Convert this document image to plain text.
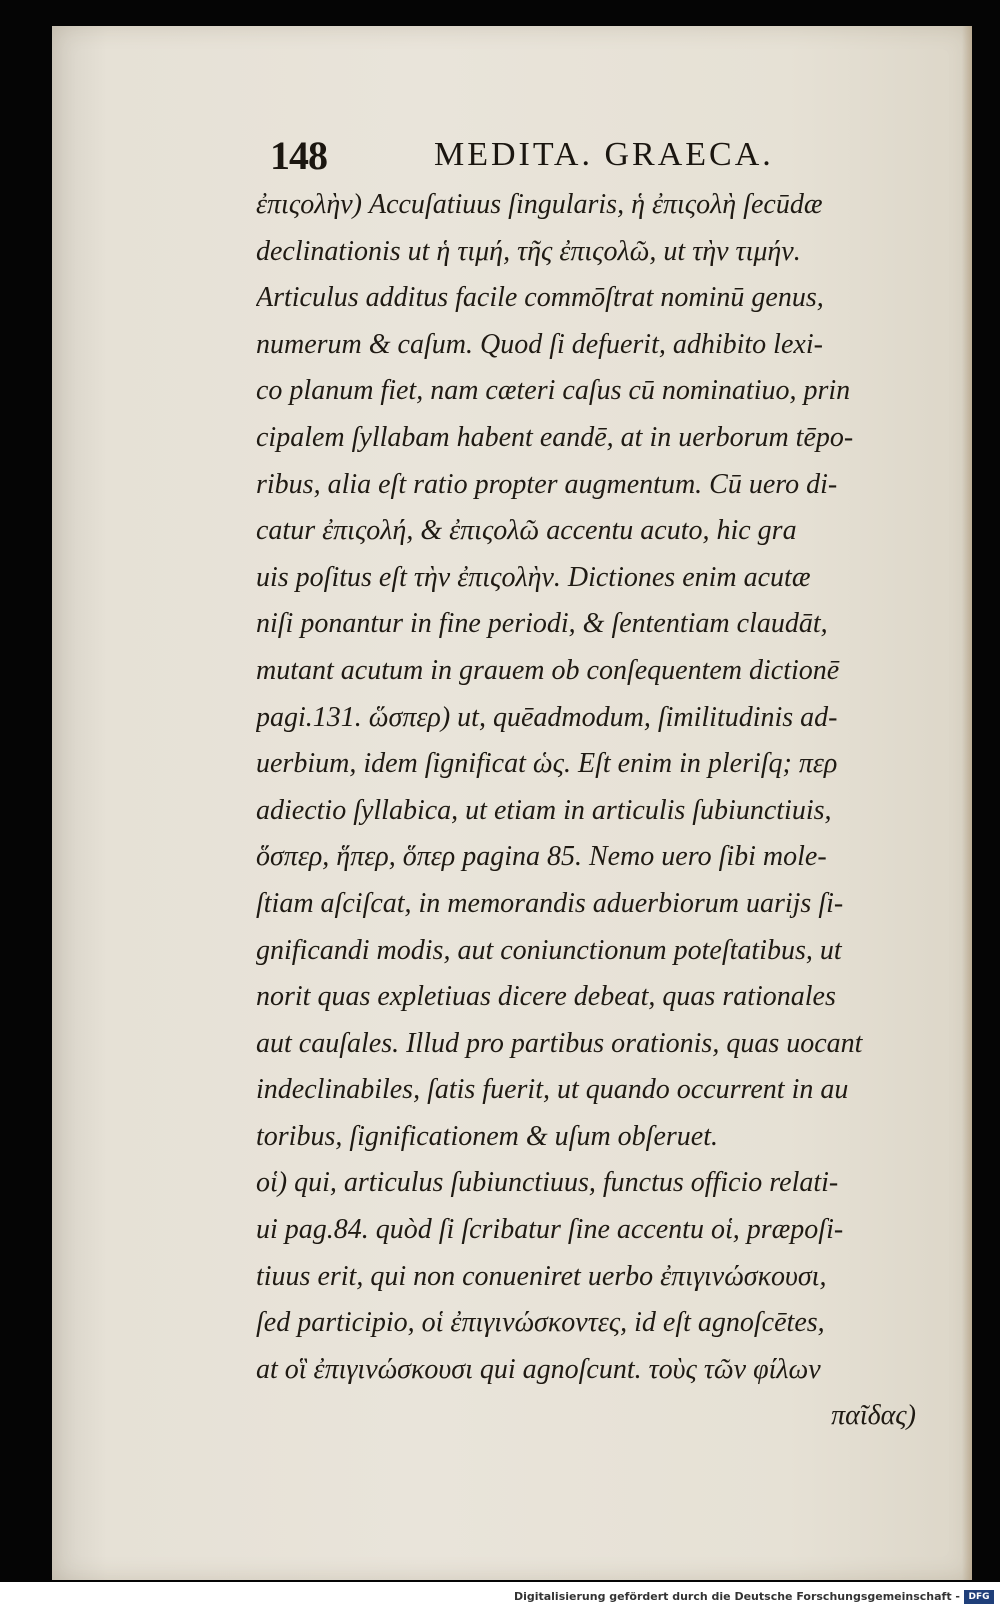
148	MEDITA. GRAECA.
ἐπιςολὴν) Accuſatiuus ſingularis, ἡ ἐπιςολὴ ſecūdæ
declinationis ut ἡ τιμή, τῆς ἐπιςολῶ, ut τὴν τιμήν.
Articulus additus facile commōſtrat nominū genus,
numerum & caſum. Quod ſi defuerit, adhibito lexi-
co planum fiet, nam cæteri caſus cū nominatiuo, prin
cipalem ſyllabam habent eandē, at in uerborum tēpo-
ribus, alia eſt ratio propter augmentum. Cū uero di-
catur ἐπιςολή, & ἐπιςολῶ accentu acuto, hic gra
uis poſitus eſt τὴν ἐπιςολὴν. Dictiones enim acutæ
niſi ponantur in fine periodi, & ſententiam claudāt,
mutant acutum in grauem ob conſequentem dictionē
pagi.131. ὥσπερ) ut, quēadmodum, ſimilitudinis ad-
uerbium, idem ſignificat ὡς. Eſt enim in pleriſq; περ
adiectio ſyllabica, ut etiam in articulis ſubiunctiuis,
ὅσπερ, ἥπερ, ὅπερ pagina 85. Nemo uero ſibi mole-
ſtiam aſciſcat, in memorandis aduerbiorum uarijs ſi-
gnificandi modis, aut coniunctionum poteſtatibus, ut
norit quas expletiuas dicere debeat, quas rationales
aut cauſales. Illud pro partibus orationis, quas uocant
indeclinabiles, ſatis fuerit, ut quando occurrent in au
toribus, ſignificationem & uſum obſeruet.
οἱ) qui, articulus ſubiunctiuus, functus officio relati-
ui pag.84. quòd ſi ſcribatur ſine accentu οἱ, præpoſi-
tiuus erit, qui non conueniret uerbo ἐπιγινώσκουσι,
ſed participio, οἱ ἐπιγινώσκοντες, id eſt agnoſcētes,
at οἳ ἐπιγινώσκουσι qui agnoſcunt. τοὺς τῶν φίλων
παῖδας)
Digitalisierung gefördert durch die Deutsche Forschungsgemeinschaft - DFG
